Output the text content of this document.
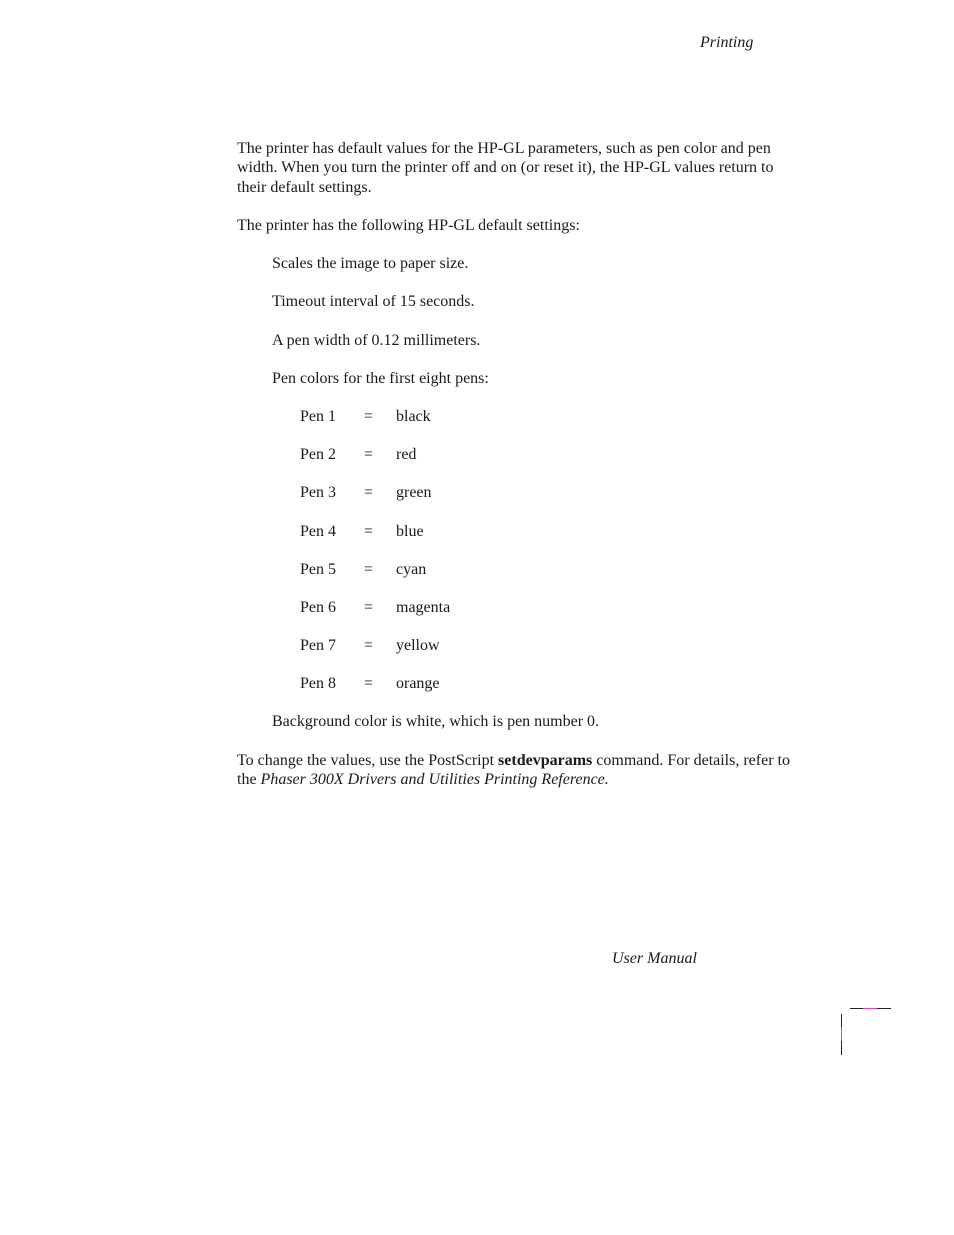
Printing

The printer has default values for the HP-GL parameters, such as pen color and pen width. When you turn the printer off and on (or reset it), the HP-GL values return to their default settings.

The printer has the following HP-GL default settings:

Scales the image to paper size.
Timeout interval of 15 seconds.
A pen width of 0.12 millimeters.
Pen colors for the first eight pens:
Pen 1 = black
Pen 2 = red
Pen 3 = green
Pen 4 = blue
Pen 5 = cyan
Pen 6 = magenta
Pen 7 = yellow
Pen 8 = orange
Background color is white, which is pen number 0.

To change the values, use the PostScript setdevparams command. For details, refer to the Phaser 300X Drivers and Utilities Printing Reference.

User Manual
